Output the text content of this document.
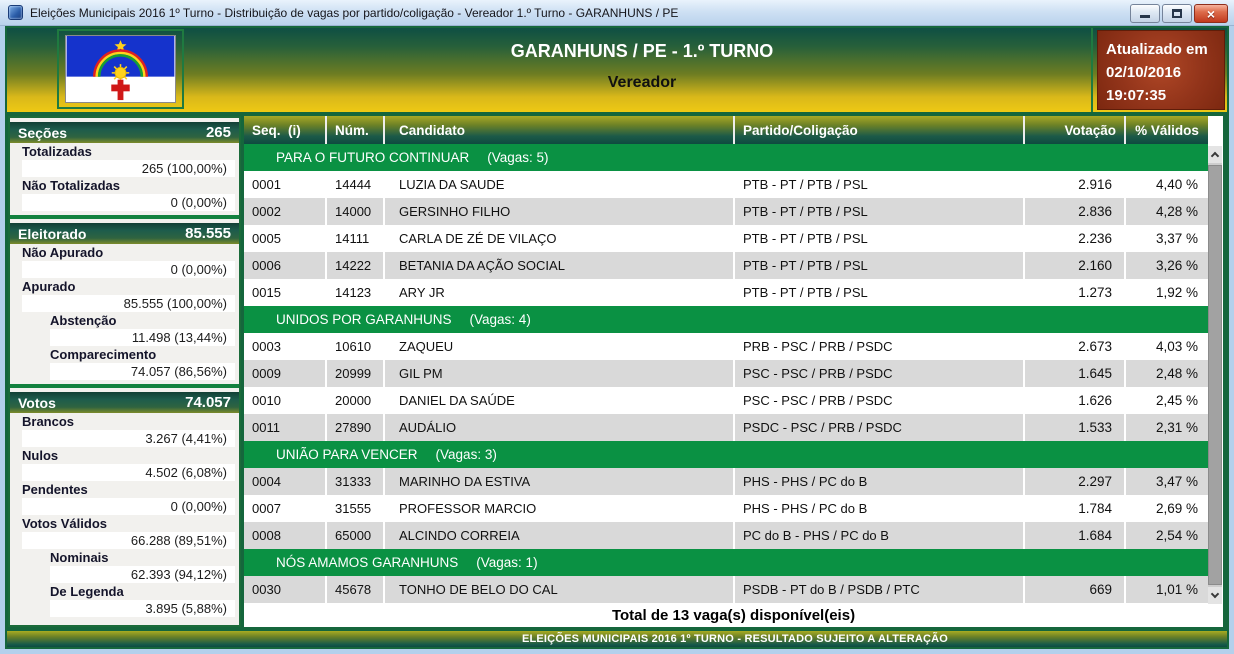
Eleições Municipais 2016 1º Turno - Distribuição de vagas por partido/coligação - Vereador 1.º Turno - GARANHUNS / PE	×
GARANHUNS / PE - 1.º TURNO
Vereador
Atualizado em
02/10/2016
19:07:35
Seções	265
Totalizadas
265 (100,00%)
Não Totalizadas
0 (0,00%)
Eleitorado	85.555
Não Apurado
0 (0,00%)
Apurado
85.555 (100,00%)
Abstenção
11.498 (13,44%)
Comparecimento
74.057 (86,56%)
Votos	74.057
Brancos
3.267 (4,41%)
Nulos
4.502 (6,08%)
Pendentes
0 (0,00%)
Votos Válidos
66.288 (89,51%)
Nominais
62.393 (94,12%)
De Legenda
3.895 (5,88%)
Seq.  (i)	Núm.	Candidato	Partido/Coligação	Votação	% Válidos
PARA O FUTURO CONTINUAR (Vagas: 5)
0001	14444	LUZIA DA SAUDE	PTB - PT / PTB / PSL	2.916	4,40 %
0002	14000	GERSINHO FILHO	PTB - PT / PTB / PSL	2.836	4,28 %
0005	14111	CARLA DE ZÉ DE VILAÇO	PTB - PT / PTB / PSL	2.236	3,37 %
0006	14222	BETANIA DA AÇÃO SOCIAL	PTB - PT / PTB / PSL	2.160	3,26 %
0015	14123	ARY JR	PTB - PT / PTB / PSL	1.273	1,92 %
UNIDOS POR GARANHUNS (Vagas: 4)
0003	10610	ZAQUEU	PRB - PSC / PRB / PSDC	2.673	4,03 %
0009	20999	GIL PM	PSC - PSC / PRB / PSDC	1.645	2,48 %
0010	20000	DANIEL DA SAÚDE	PSC - PSC / PRB / PSDC	1.626	2,45 %
0011	27890	AUDÁLIO	PSDC - PSC / PRB / PSDC	1.533	2,31 %
UNIÃO PARA VENCER (Vagas: 3)
0004	31333	MARINHO DA ESTIVA	PHS - PHS / PC do B	2.297	3,47 %
0007	31555	PROFESSOR MARCIO	PHS - PHS / PC do B	1.784	2,69 %
0008	65000	ALCINDO CORREIA	PC do B - PHS / PC do B	1.684	2,54 %
NÓS AMAMOS GARANHUNS (Vagas: 1)
0030	45678	TONHO DE BELO DO CAL	PSDB - PT do B / PSDB / PTC	669	1,01 %
Total de 13 vaga(s) disponível(eis)
ELEIÇÕES MUNICIPAIS 2016 1º TURNO - RESULTADO SUJEITO A ALTERAÇÃO
